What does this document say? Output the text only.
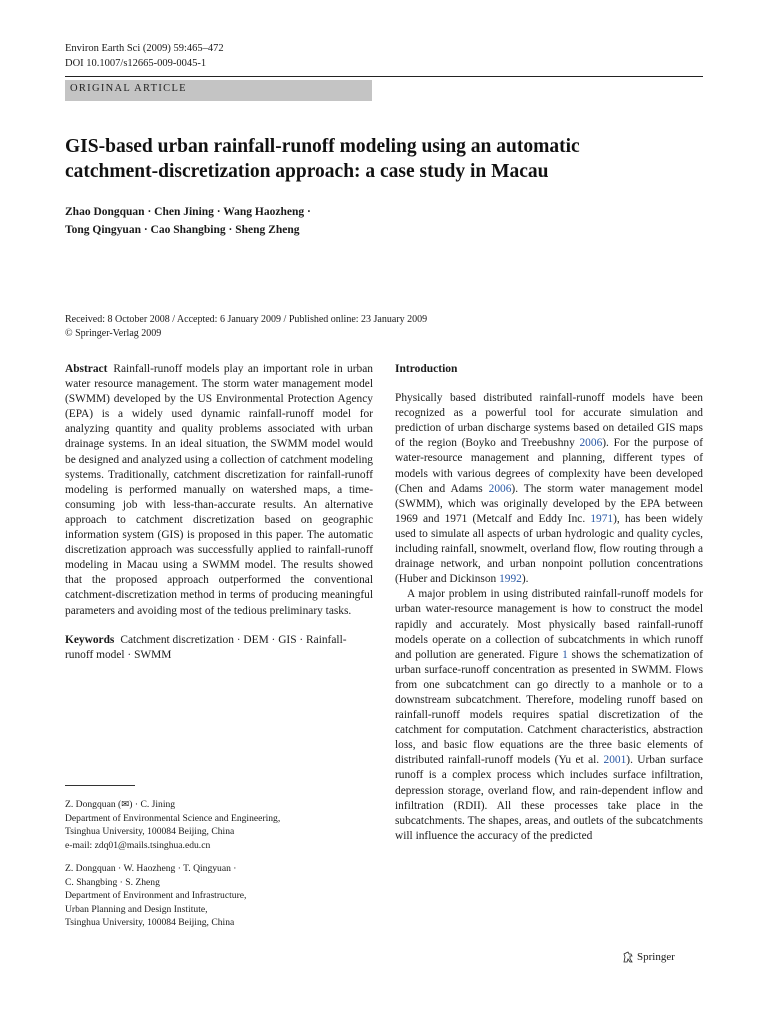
Environ Earth Sci (2009) 59:465–472
DOI 10.1007/s12665-009-0045-1
ORIGINAL ARTICLE
GIS-based urban rainfall-runoff modeling using an automatic
catchment-discretization approach: a case study in Macau
Zhao Dongquan · Chen Jining · Wang Haozheng ·
Tong Qingyuan · Cao Shangbing · Sheng Zheng
Received: 8 October 2008 / Accepted: 6 January 2009 / Published online: 23 January 2009
© Springer-Verlag 2009

Abstract Rainfall-runoff models play an important role in urban water resource management. The storm water management model (SWMM) developed by the US Environmental Protection Agency (EPA) is a widely used dynamic rainfall-runoff model for analyzing quantity and quality problems associated with urban drainage systems. In an ideal situation, the SWMM model would be designed and analyzed using a collection of catchment modeling systems. Traditionally, catchment discretization for rainfall-runoff modeling is performed manually on watershed maps, a time-consuming job with less-than-accurate results. An alternative approach to catchment discretization based on geographic information system (GIS) is proposed in this paper. The automatic discretization approach was successfully applied to rainfall-runoff modeling in Macau using a SWMM model. The results showed that the proposed approach outperformed the conventional catchment-discretization method in terms of producing meaningful parameters and avoiding most of the tedious preliminary tasks.

Keywords Catchment discretization · DEM · GIS · Rainfall-runoff model · SWMM

Z. Dongquan (✉) · C. Jining
Department of Environmental Science and Engineering,
Tsinghua University, 100084 Beijing, China
e-mail: zdq01@mails.tsinghua.edu.cn
Z. Dongquan · W. Haozheng · T. Qingyuan ·
C. Shangbing · S. Zheng
Department of Environment and Infrastructure,
Urban Planning and Design Institute,
Tsinghua University, 100084 Beijing, China
Introduction

Physically based distributed rainfall-runoff models have been recognized as a powerful tool for accurate simulation and prediction of urban discharge systems based on detailed GIS maps of the region (Boyko and Treebushny 2006). For the purpose of water-resource management and planning, different types of models with various degrees of complexity have been developed (Chen and Adams 2006). The storm water management model (SWMM), which was originally developed by the EPA between 1969 and 1971 (Metcalf and Eddy Inc. 1971), has been widely used to simulate all aspects of urban hydrologic and quality cycles, including rainfall, snowmelt, overland flow, flow routing through a drainage network, and urban nonpoint pollution concentrations (Huber and Dickinson 1992).

A major problem in using distributed rainfall-runoff models for urban water-resource management is how to construct the model rapidly and accurately. Most physically based rainfall-runoff models operate on a collection of subcatchments in which runoff and pollution are generated. Figure 1 shows the schematization of urban surface-runoff concentration as presented in SWMM. Flows from one subcatchment can go directly to a manhole or to a downstream subcatchment. Therefore, modeling runoff based on rainfall-runoff models requires spatial discretization of the catchment for computation. Catchment characteristics, abstraction loss, and basic flow equations are the three basic elements of distributed rainfall-runoff models (Yu et al. 2001). Urban surface runoff is a complex process which includes surface infiltration, depression storage, overland flow, and rain-dependent inflow and infiltration (RDII). All these processes take place in the subcatchments. The shapes, areas, and outlets of the subcatchments will influence the accuracy of the predicted

Springer
